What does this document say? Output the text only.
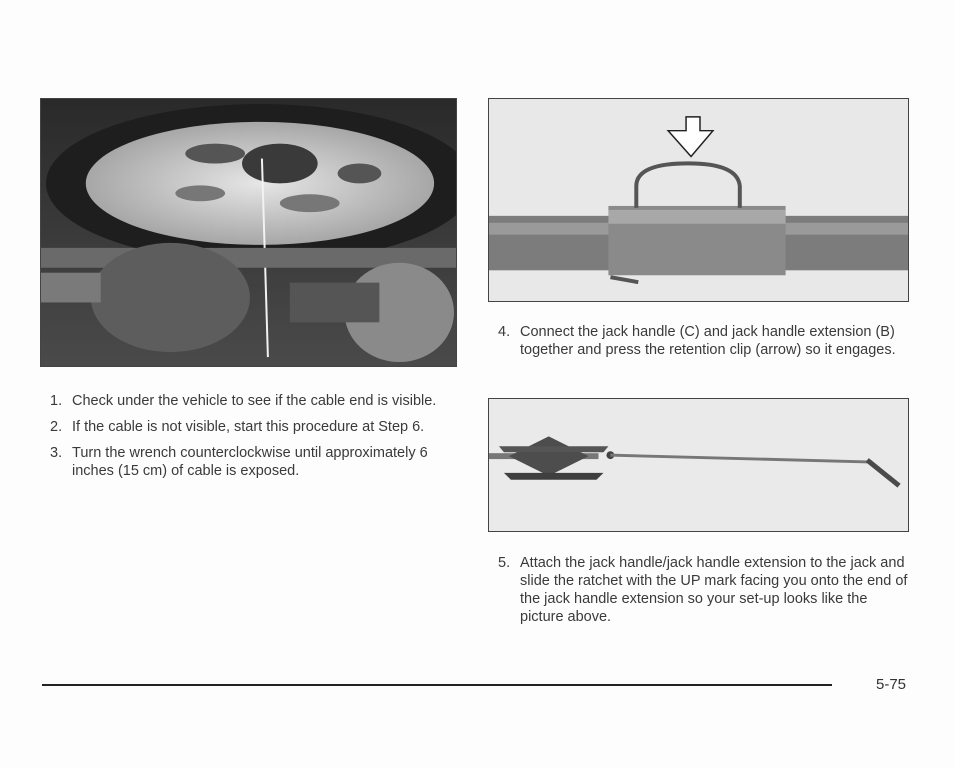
1. Check under the vehicle to see if the cable end is visible.
2. If the cable is not visible, start this procedure at Step 6.
3. Turn the wrench counterclockwise until approximately 6 inches (15 cm) of cable is exposed.
4. Connect the jack handle (C) and jack handle extension (B) together and press the retention clip (arrow) so it engages.
5. Attach the jack handle/jack handle extension to the jack and slide the ratchet with the UP mark facing you onto the end of the jack handle extension so your set-up looks like the picture above.
5-75
